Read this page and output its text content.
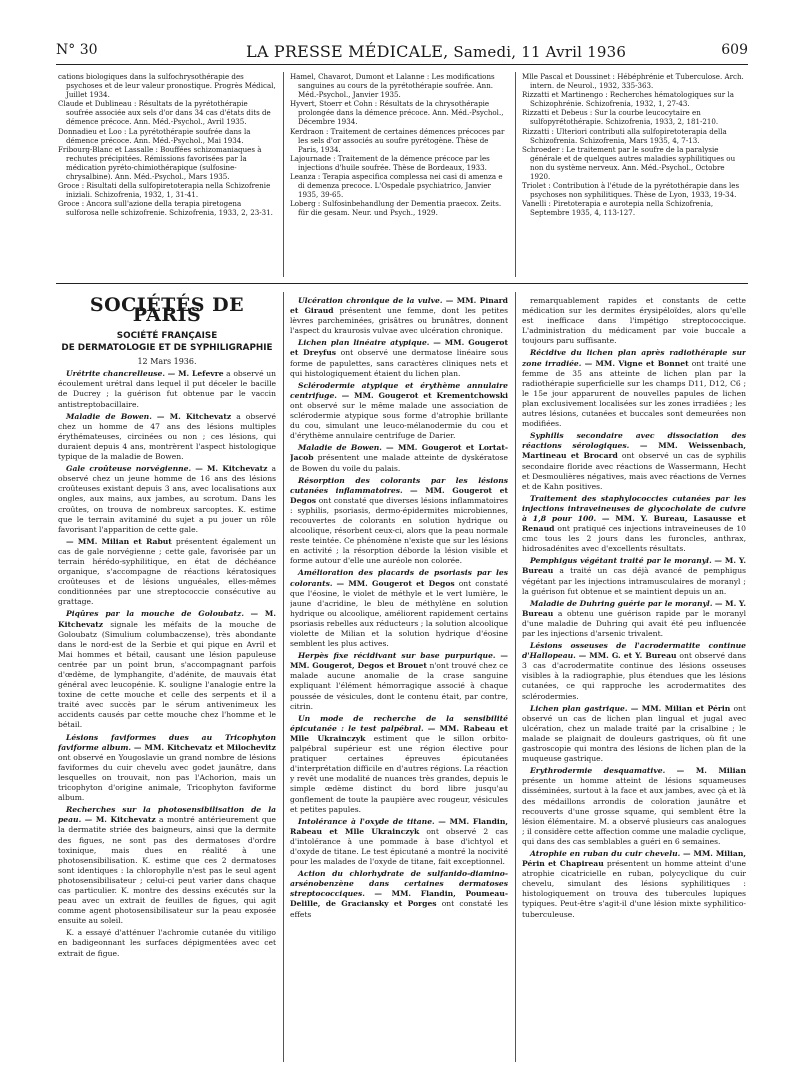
N° 30	LA PRESSE MÉDICALE, Samedi, 11 Avril 1936	609

cations biologiques dans la sulfochrysothérapie des psychoses et de leur valeur pronostique. Progrès Médical, Juillet 1934.

Claude et Dublineau : Résultats de la pyrétothérapie soufrée associée aux sels d'or dans 34 cas d'états dits de démence précoce. Ann. Méd.-Psychol., Avril 1935.

Donnadieu et Loo : La pyrétothérapie soufrée dans la démence précoce. Ann. Méd.-Psychol., Mai 1934.

Fribourg-Blanc et Lassalle : Bouffées schizomaniaques à rechutes précipitées. Rémissions favorisées par la médication pyréto-chimiothérapique (sulfosine-chrysalbine). Ann. Méd.-Psychol., Mars 1935.

Groce : Risultati della sulfopiretoterapia nella Schizofrenie iniziali. Schizofrenia, 1932, 1, 31-41.

Groce : Ancora sull'azione della terapia piretogena sulforosa nelle schizofrenie. Schizofrenia, 1933, 2, 23-31.

Hamel, Chavarot, Dumont et Lalanne : Les modifications sanguines au cours de la pyrétothérapie soufrée. Ann. Méd.-Psychol., Janvier 1935.

Hyvert, Stoerr et Cohn : Résultats de la chrysothérapie prolongée dans la démence précoce. Ann. Méd.-Psychol., Décembre 1934.

Kerdraon : Traitement de certaines démences précoces par les sels d'or associés au soufre pyrétogène. Thèse de Paris, 1934.

Lajournade : Traitement de la démence précoce par les injections d'huile soufrée. Thèse de Bordeaux, 1933.

Leanza : Terapia aspecifica complessa nei casi di amenza e di demenza precoce. L'Ospedale psychiatrico, Janvier 1935, 39-65.

Loberg : Sulfosinbehandlung der Dementia praecox. Zeits. für die gesam. Neur. und Psych., 1929.

Mlle Pascal et Doussinet : Hébéphrénie et Tuberculose. Arch. intern. de Neurol., 1932, 335-363.

Rizzatti et Martinengo : Recherches hématologiques sur la Schizophrénie. Schizofrenia, 1932, 1, 27-43.

Rizzatti et Debeus : Sur la courbe leucocytaire en sulfopyrétothérapie. Schizofrenia, 1933, 2, 181-210.

Rizzatti : Ulteriori contributi alla sulfopiretoterapia della Schizofrenia. Schizofrenia, Mars 1935, 4, 7-13.

Schroeder : Le traitement par le soufre de la paralysie générale et de quelques autres maladies syphilitiques ou non du système nerveux. Ann. Méd.-Psychol., Octobre 1920.

Triolet : Contribution à l'étude de la pyrétothérapie dans les psychoses non syphilitiques. Thèse de Lyon, 1933, 19-34.

Vanelli : Piretoterapia e aurotepia nella Schizofrenia, Septembre 1935, 4, 113-127.

SOCIÉTÉS DE PARIS
SOCIÉTÉ FRANÇAISE
DE DERMATOLOGIE ET DE SYPHILIGRAPHIE

12 Mars 1936.

Urétrite chancrelleuse. — M. Lefevre a observé un écoulement urétral dans lequel il put déceler le bacille de Ducrey ; la guérison fut obtenue par le vaccin antistreptobacillaire.

Maladie de Bowen. — M. Kitchevatz a observé chez un homme de 47 ans des lésions multiples érythémateuses, circinées ou non ; ces lésions, qui duraient depuis 4 ans, montrèrent l'aspect histologique typique de la maladie de Bowen.

Gale croûteuse norvégienne. — M. Kitchevatz a observé chez un jeune homme de 16 ans des lésions croûteuses existant depuis 3 ans, avec localisations aux ongles, aux mains, aux jambes, au scrotum. Dans les croûtes, on trouva de nombreux sarcoptes. K. estime que le terrain avitaminé du sujet a pu jouer un rôle favorisant l'apparition de cette gale.

— MM. Milian et Rabut présentent également un cas de gale norvégienne ; cette gale, favorisée par un terrain hérédo-syphilitique, en état de déchéance organique, s'accompagne de réactions kératosiques croûteuses et de lésions unguéales, elles-mêmes conditionnées par une streptococcie consécutive au grattage.

Piqûres par la mouche de Goloubatz. — M. Kitchevatz signale les méfaits de la mouche de Goloubatz (Simulium columbaczense), très abondante dans le nord-est de la Serbie et qui pique en Avril et Mai hommes et bétail, causant une lésion papuleuse centrée par un point brun, s'accompagnant parfois d'œdème, de lymphangite, d'adénite, de mauvais état général avec leucopénie. K. souligne l'analogie entre la toxine de cette mouche et celle des serpents et il a traité avec succès par le sérum antivenimeux les accidents causés par cette mouche chez l'homme et le bétail.

Lésions faviformes dues au Tricophyton faviforme album. — MM. Kitchevatz et Milochevitz ont observé en Yougoslavie un grand nombre de lésions faviformes du cuir chevelu avec godet jaunâtre, dans lesquelles on trouvait, non pas l'Achorion, mais un tricophyton d'origine animale, Tricophyton faviforme album.

Recherches sur la photosensibilisation de la peau. — M. Kitchevatz a montré antérieurement que la dermatite striée des baigneurs, ainsi que la dermite des figues, ne sont pas des dermatoses d'ordre toxinique, mais dues en réalité à une photosensibilisation. K. estime que ces 2 dermatoses sont identiques : la chlorophylle n'est pas le seul agent photosensibilisateur ; celui-ci peut varier dans chaque cas particulier. K. montre des dessins exécutés sur la peau avec un extrait de feuilles de figues, qui agit comme agent photosensibilisateur sur la peau exposée ensuite au soleil.

K. a essayé d'atténuer l'achromie cutanée du vitiligo en badigeonnant les surfaces dépigmentées avec cet extrait de figue.

Ulcération chronique de la vulve. — MM. Pinard et Giraud présentent une femme, dont les petites lèvres parcheminées, grisâtres ou brunâtres, donnent l'aspect du kraurosis vulvae avec ulcération chronique.

Lichen plan linéaire atypique. — MM. Gougerot et Dreyfus ont observé une dermatose linéaire sous forme de papulettes, sans caractères cliniques nets et qui histologiquement étaient du lichen plan.

Sclérodermie atypique et érythème annulaire centrifuge. — MM. Gougerot et Krementchowski ont observé sur le même malade une association de sclérodermie atypique sous forme d'atrophie brillante du cou, simulant une leuco-mélanodermie du cou et d'érythème annulaire centrifuge de Darier.

Maladie de Bowen. — MM. Gougerot et Lortat-Jacob présentent une malade atteinte de dyskératose de Bowen du voile du palais.

Résorption des colorants par les lésions cutanées inflammatoires. — MM. Gougerot et Degos ont constaté que diverses lésions inflammatoires : syphilis, psoriasis, dermo-épidermites microbiennes, recouvertes de colorants en solution hydrique ou alcoolique, résorbent ceux-ci, alors que la peau normale reste teintée. Ce phénomène n'existe que sur les lésions en activité ; la résorption déborde la lésion visible et forme autour d'elle une auréole non colorée.

Amélioration des placards de psoriasis par les colorants. — MM. Gougerot et Degos ont constaté que l'éosine, le violet de méthyle et le vert lumière, le jaune d'acridine, le bleu de méthylène en solution hydrique ou alcoolique, améliorent rapidement certains psoriasis rebelles aux réducteurs ; la solution alcoolique violette de Milian et la solution hydrique d'éosine semblent les plus actives.

Herpès fixe récidivant sur base purpurique. — MM. Gougerot, Degos et Brouet n'ont trouvé chez ce malade aucune anomalie de la crase sanguine expliquant l'élément hémorragique associé à chaque poussée de vésicules, dont le contenu était, par contre, citrin.

Un mode de recherche de la sensibilité épicutanée : le test palpébral. — MM. Rabeau et Mlle Ukrainczyk estiment que le sillon orbito-palpébral supérieur est une région élective pour pratiquer certaines épreuves épicutanées d'interprétation difficile en d'autres régions. La réaction y revêt une modalité de nuances très grandes, depuis le simple œdème distinct du bord libre jusqu'au gonflement de toute la paupière avec rougeur, vésicules et petites papules.

Intolérance à l'oxyde de titane. — MM. Flandin, Rabeau et Mlle Ukrainczyk ont observé 2 cas d'intolérance à une pommade à base d'ichtyol et d'oxyde de titane. Le test épicutané a montré la nocivité pour les malades de l'oxyde de titane, fait exceptionnel.

Action du chlorhydrate de sulfanido-diamino-arsénobenzène dans certaines dermatoses streptococciques. — MM. Flandin, Poumeau-Delille, de Graciansky et Porges ont constaté les effets

remarquablement rapides et constants de cette médication sur les dermites érysipéloïdes, alors qu'elle est inefficace dans l'impétigo streptococcique. L'administration du médicament par voie buccale a toujours paru suffisante.

Récidive du lichen plan après radiothérapie sur zone irradiée. — MM. Vigne et Bonnet ont traité une femme de 35 ans atteinte de lichen plan par la radiothérapie superficielle sur les champs D11, D12, C6 ; le 15e jour apparurent de nouvelles papules de lichen plan exclusivement localisées sur les zones irradiées ; les autres lésions, cutanées et buccales sont demeurées non modifiées.

Syphilis secondaire avec dissociation des réactions sérologiques. — MM. Weissenbach, Martineau et Brocard ont observé un cas de syphilis secondaire floride avec réactions de Wassermann, Hecht et Desmoulières négatives, mais avec réactions de Vernes et de Kahn positives.

Traitement des staphylococcies cutanées par les injections intraveineuses de glycocholate de cuivre à 1,8 pour 100. — MM. Y. Bureau, Lasausse et Renaud ont pratiqué ces injections intraveineuses de 10 cmc tous les 2 jours dans les furoncles, anthrax, hidrosadénites avec d'excellents résultats.

Pemphigus végétant traité par le moranyl. — M. Y. Bureau a traité un cas déjà avancé de pemphigus végétant par les injections intramusculaires de moranyl ; la guérison fut obtenue et se maintient depuis un an.

Maladie de Duhring guérie par le moranyl. — M. Y. Bureau a obtenu une guérison rapide par le moranyl d'une maladie de Duhring qui avait été peu influencée par les injections d'arsenic trivalent.

Lésions osseuses de l'acrodermatite continue d'Hallopeau. — MM. G. et Y. Bureau ont observé dans 3 cas d'acrodermatite continue des lésions osseuses visibles à la radiographie, plus étendues que les lésions cutanées, ce qui rapproche les acrodermatites des sclérodermies.

Lichen plan gastrique. — MM. Milian et Périn ont observé un cas de lichen plan lingual et jugal avec ulcération, chez un malade traité par la crisalbine ; le malade se plaignait de douleurs gastriques, où fit une gastroscopie qui montra des lésions de lichen plan de la muqueuse gastrique.

Erythrodermie desquamative. — M. Milian présente un homme atteint de lésions squameuses disséminées, surtout à la face et aux jambes, avec çà et là des médaillons arrondis de coloration jaunâtre et recouverts d'une grosse squame, qui semblent être la lésion élémentaire. M. a observé plusieurs cas analogues ; il considère cette affection comme une maladie cyclique, qui dans des cas semblables a guéri en 6 semaines.

Atrophie en ruban du cuir chevelu. — MM. Milian, Périn et Chapireau présentent un homme atteint d'une atrophie cicatricielle en ruban, polycyclique du cuir chevelu, simulant des lésions syphilitiques : histologiquement on trouva des tubercules lupiques typiques. Peut-être s'agit-il d'une lésion mixte syphilitico-tuberculeuse.
